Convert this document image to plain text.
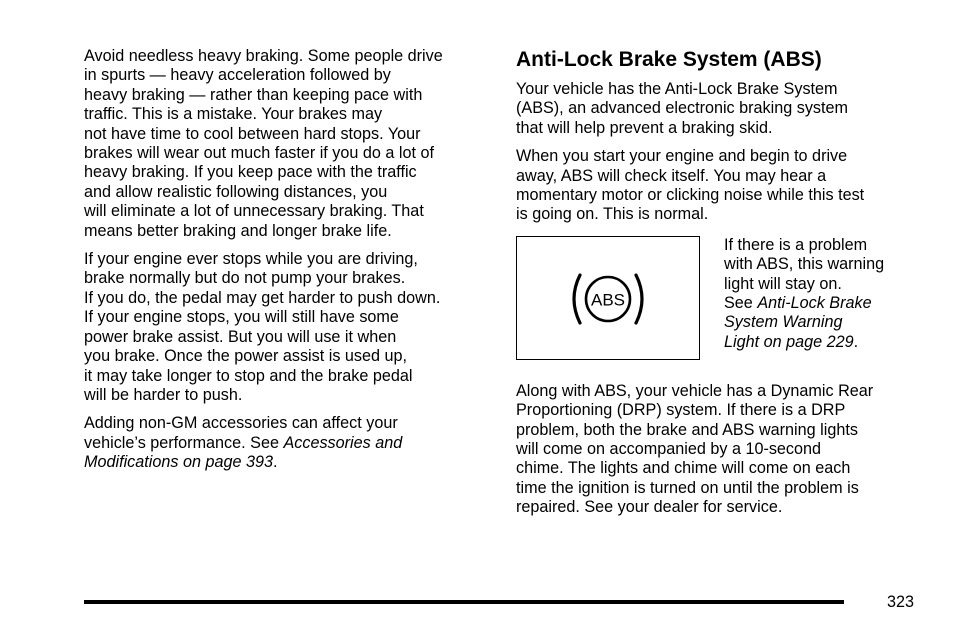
Avoid needless heavy braking. Some people drive
in spurts — heavy acceleration followed by
heavy braking — rather than keeping pace with
traffic. This is a mistake. Your brakes may
not have time to cool between hard stops. Your
brakes will wear out much faster if you do a lot of
heavy braking. If you keep pace with the traffic
and allow realistic following distances, you
will eliminate a lot of unnecessary braking. That
means better braking and longer brake life.

If your engine ever stops while you are driving,
brake normally but do not pump your brakes.
If you do, the pedal may get harder to push down.
If your engine stops, you will still have some
power brake assist. But you will use it when
you brake. Once the power assist is used up,
it may take longer to stop and the brake pedal
will be harder to push.

Adding non-GM accessories can affect your
vehicle’s performance. See Accessories and
Modifications on page 393.

Anti-Lock Brake System (ABS)

Your vehicle has the Anti-Lock Brake System
(ABS), an advanced electronic braking system
that will help prevent a braking skid.

When you start your engine and begin to drive
away, ABS will check itself. You may hear a
momentary motor or clicking noise while this test
is going on. This is normal.

ABS
If there is a problem
with ABS, this warning
light will stay on.
See Anti-Lock Brake
System Warning
Light on page 229.

Along with ABS, your vehicle has a Dynamic Rear
Proportioning (DRP) system. If there is a DRP
problem, both the brake and ABS warning lights
will come on accompanied by a 10-second
chime. The lights and chime will come on each
time the ignition is turned on until the problem is
repaired. See your dealer for service.

323
